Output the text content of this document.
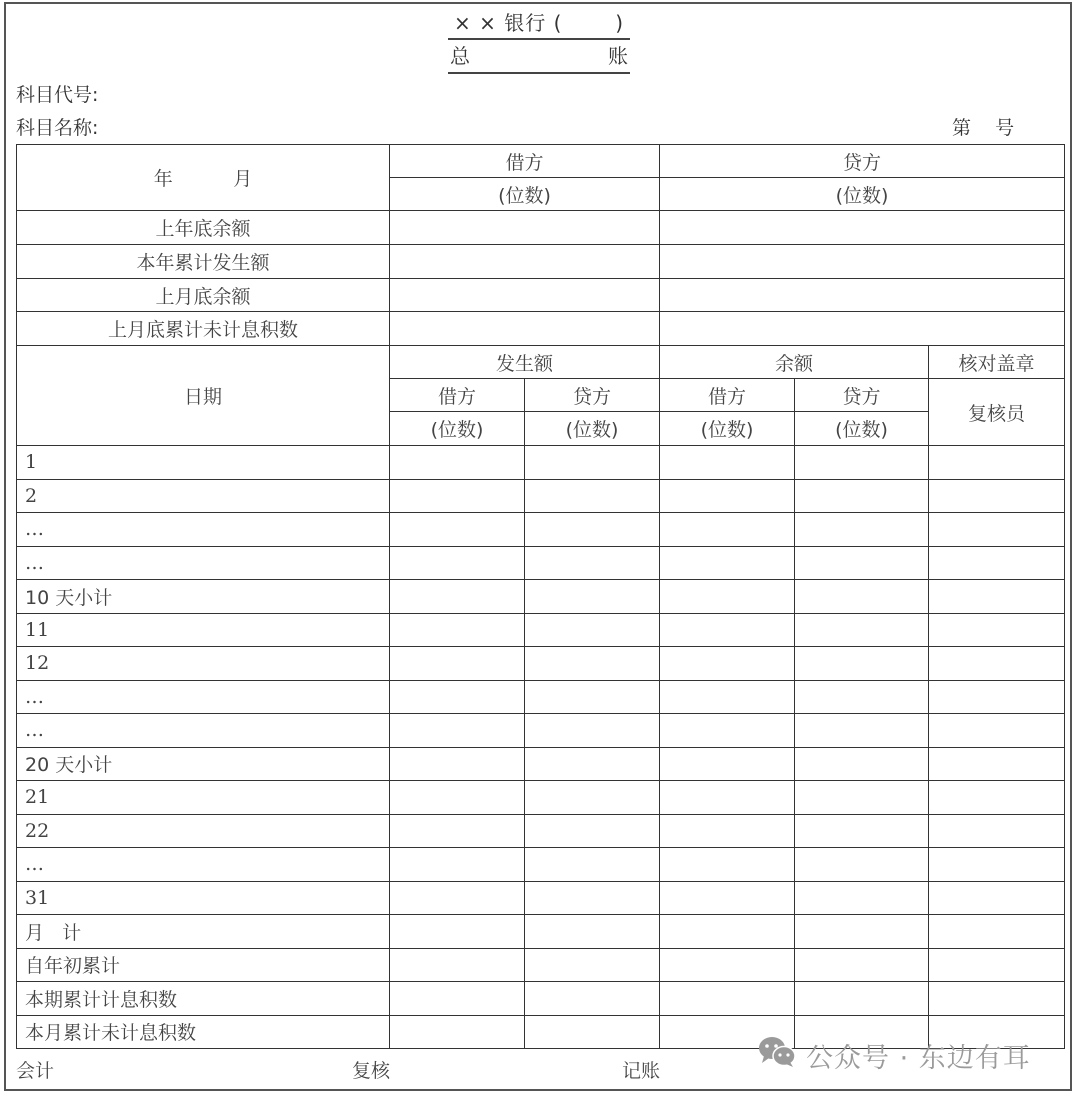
× × 银行 (	)
总	账
科目代号:
科目名称:	第    号
年          月	借方		贷方		
	(位数)		(位数)		
上年底余额					
本年累计发生额					
上月底余额					
上月底累计未计息积数					
日期	发生额		余额		核对盖章
	借方	贷方	借方	贷方	复核员
	(位数)	(位数)	(位数)	(位数)	
1					
2					
…					
…					
10 天小计					
11					
12					
…					
…					
20 天小计					
21					
22					
…					
31					
月   计					
自年初累计					
本期累计计息积数					
本月累计未计息积数					
会计	复核	记账	公众号 · 东边有耳
